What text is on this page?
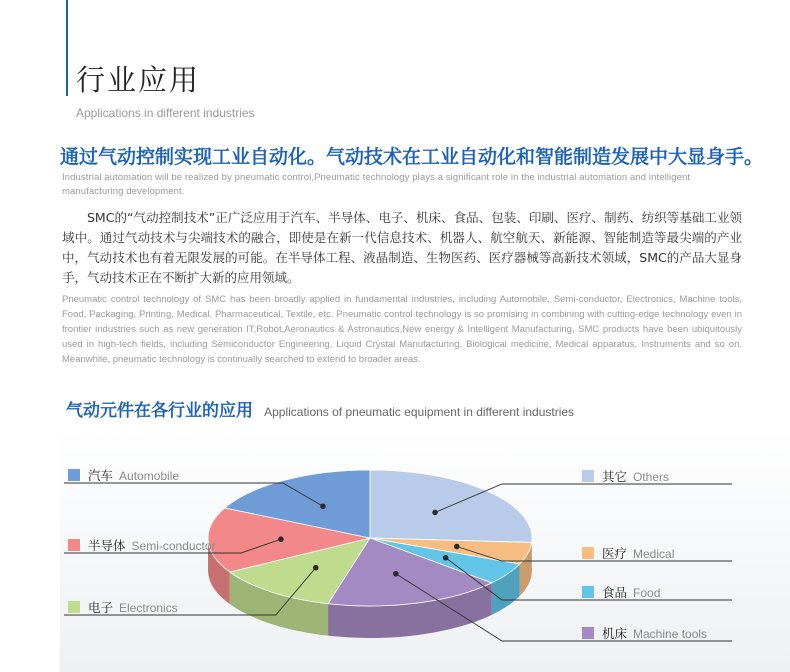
行业应用
Applications in different industries
通过气动控制实现工业自动化。气动技术在工业自动化和智能制造发展中大显身手。
Industrial automation will be realized by pneumatic control,Pneumatic technology plays a significant role in the industrial automation and intelligent manufacturing development.

SMC的“气动控制技术”正广泛应用于汽车、半导体、电子、机床、食品、包装、印刷、医疗、制药、纺织等基础工业领域中。通过气动技术与尖端技术的融合，即使是在新一代信息技术、机器人、航空航天、新能源、智能制造等最尖端的产业中，气动技术也有着无限发展的可能。在半导体工程、液晶制造、生物医药、医疗器械等高新技术领域，SMC的产品大显身手，气动技术正在不断扩大新的应用领域。

Pneumatic control technology of SMC has been broadly applied in fundamental industries, including Automobile, Semi-conductor, Electronics, Machine tools, Food, Packaging, Printing, Medical, Pharmaceutical, Textile, etc. Pneumatic control technology is so promising in combining with cutting-edge technology even in frontier industries such as new generation IT,Robot,Aeronautics & Astronautics,New energy & Intelligent Manufacturing, SMC products have been ubiquitously used in high-tech fields, including Semiconductor Engineering, Liquid Crystal Manufacturing, Biological medicine, Medical apparatus, Instruments and so on. Meanwhile, pneumatic technology is continually searched to extend to broader areas.

气动元件在各行业的应用 Applications of pneumatic equipment in different industries
汽车 Automobile
半导体 Semi-conductor
电子 Electronics
其它 Others
医疗 Medical
食品 Food
机床 Machine tools
